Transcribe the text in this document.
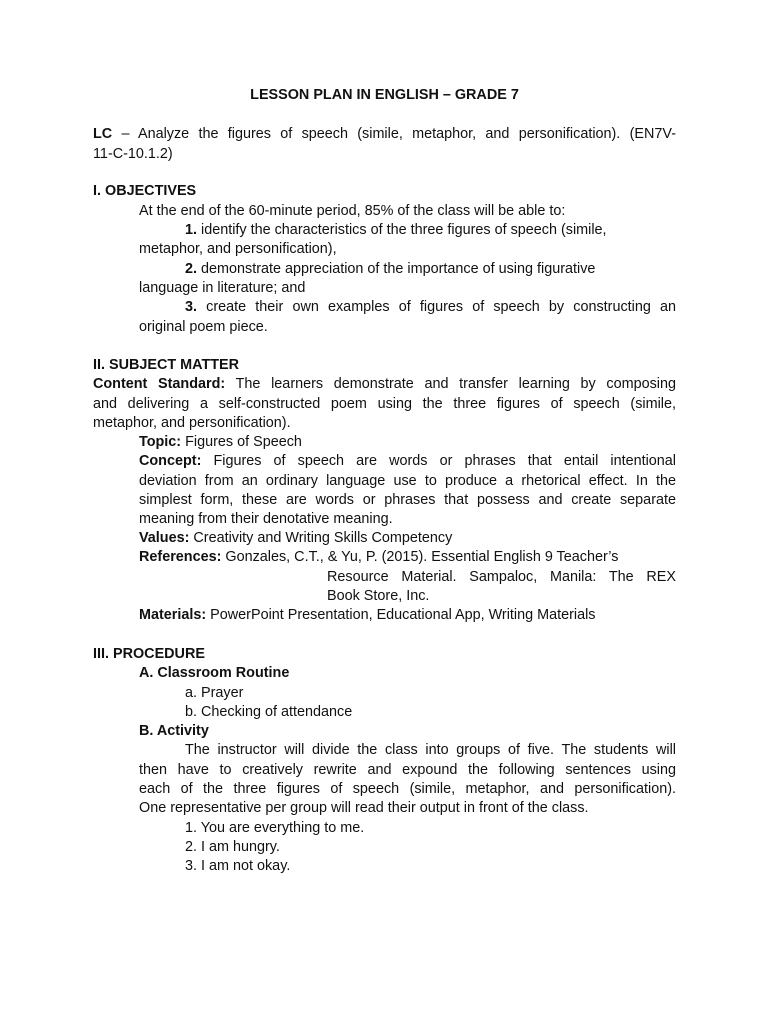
LESSON PLAN IN ENGLISH – GRADE 7
LC – Analyze the figures of speech (simile, metaphor, and personification). (EN7V-
11-C-10.1.2)
I. OBJECTIVES
At the end of the 60-minute period, 85% of the class will be able to:
1. identify the characteristics of the three figures of speech (simile,
metaphor, and personification),
2. demonstrate appreciation of the importance of using figurative
language in literature; and
3. create their own examples of figures of speech by constructing an
original poem piece.
II. SUBJECT MATTER
Content Standard: The learners demonstrate and transfer learning by composing
and delivering a self-constructed poem using the three figures of speech (simile,
metaphor, and personification).
Topic: Figures of Speech
Concept: Figures of speech are words or phrases that entail intentional
deviation from an ordinary language use to produce a rhetorical effect. In the
simplest form, these are words or phrases that possess and create separate
meaning from their denotative meaning.
Values: Creativity and Writing Skills Competency
References: Gonzales, C.T., & Yu, P. (2015). Essential English 9 Teacher’s
Resource Material. Sampaloc, Manila: The REX
Book Store, Inc.
Materials: PowerPoint Presentation, Educational App, Writing Materials
III. PROCEDURE
A. Classroom Routine
a. Prayer
b. Checking of attendance
B. Activity
The instructor will divide the class into groups of five. The students will
then have to creatively rewrite and expound the following sentences using
each of the three figures of speech (simile, metaphor, and personification).
One representative per group will read their output in front of the class.
1. You are everything to me.
2. I am hungry.
3. I am not okay.
